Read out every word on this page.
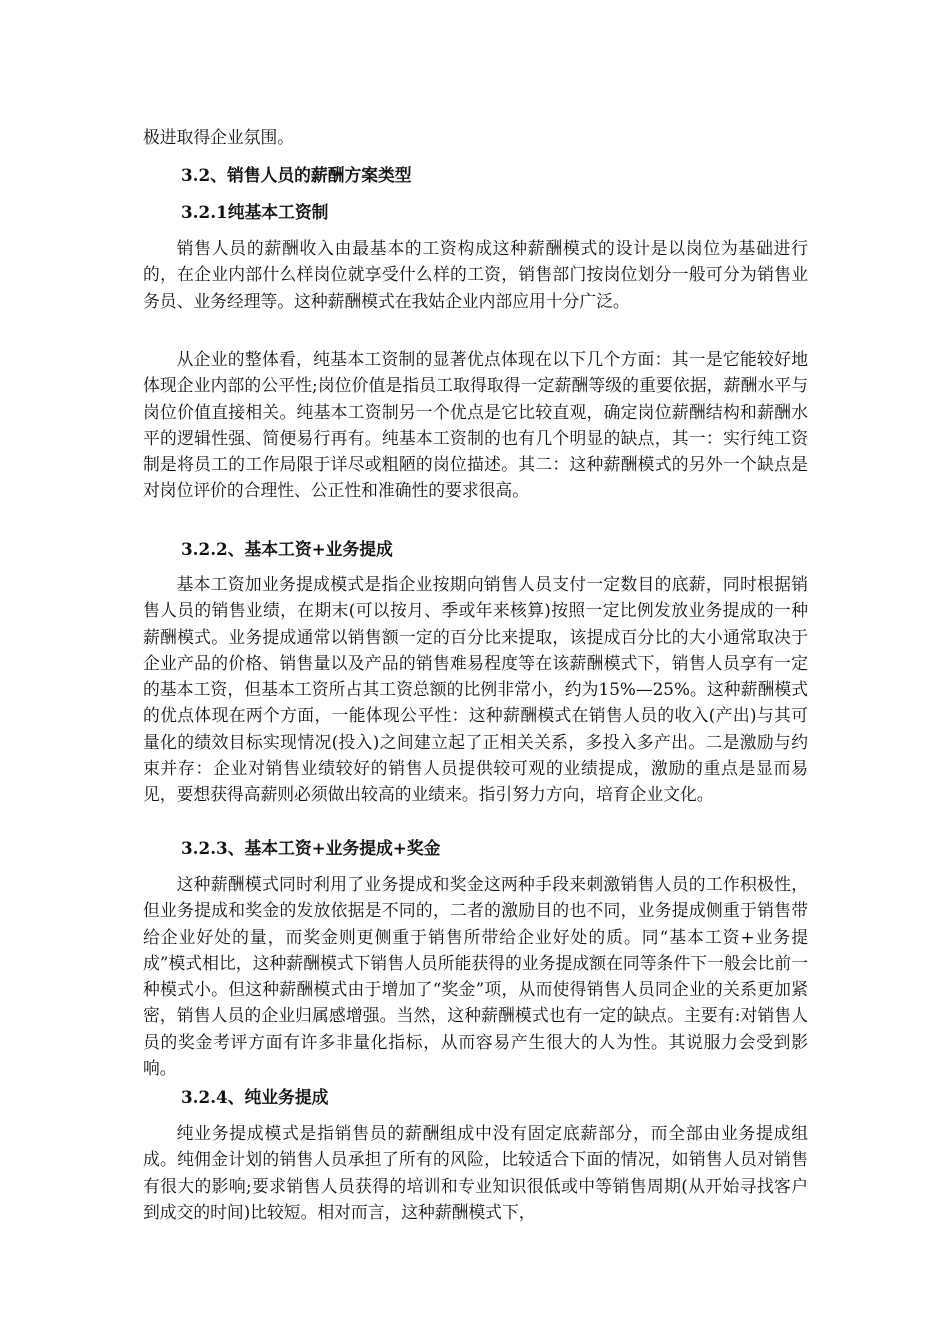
极进取得企业氛围。

3.2、销售人员的薪酬方案类型

3.2.1纯基本工资制

销售人员的薪酬收入由最基本的工资构成这种薪酬模式的设计是以岗位为基础进行的，在企业内部什么样岗位就享受什么样的工资，销售部门按岗位划分一般可分为销售业务员、业务经理等。这种薪酬模式在我姑企业内部应用十分广泛。

从企业的整体看，纯基本工资制的显著优点体现在以下几个方面：其一是它能较好地体现企业内部的公平性;岗位价值是指员工取得取得一定薪酬等级的重要依据，薪酬水平与岗位价值直接相关。纯基本工资制另一个优点是它比较直观，确定岗位薪酬结构和薪酬水平的逻辑性强、简便易行再有。纯基本工资制的也有几个明显的缺点，其一：实行纯工资制是将员工的工作局限于详尽或粗陋的岗位描述。其二：这种薪酬模式的另外一个缺点是对岗位评价的合理性、公正性和准确性的要求很高。

3.2.2、基本工资+业务提成

基本工资加业务提成模式是指企业按期向销售人员支付一定数目的底薪，同时根据销售人员的销售业绩，在期末(可以按月、季或年来核算)按照一定比例发放业务提成的一种薪酬模式。业务提成通常以销售额一定的百分比来提取，该提成百分比的大小通常取决于企业产品的价格、销售量以及产品的销售难易程度等在该薪酬模式下，销售人员享有一定的基本工资，但基本工资所占其工资总额的比例非常小，约为15%—25%。这种薪酬模式的优点体现在两个方面，一能体现公平性：这种薪酬模式在销售人员的收入(产出)与其可量化的绩效目标实现情况(投入)之间建立起了正相关关系，多投入多产出。二是激励与约束并存：企业对销售业绩较好的销售人员提供较可观的业绩提成，激励的重点是显而易见，要想获得高薪则必须做出较高的业绩来。指引努力方向，培育企业文化。

3.2.3、基本工资+业务提成+奖金

这种薪酬模式同时利用了业务提成和奖金这两种手段来刺激销售人员的工作积极性，但业务提成和奖金的发放依据是不同的，二者的激励目的也不同，业务提成侧重于销售带给企业好处的量，而奖金则更侧重于销售所带给企业好处的质。同“基本工资+业务提成”模式相比，这种薪酬模式下销售人员所能获得的业务提成额在同等条件下一般会比前一种模式小。但这种薪酬模式由于增加了“奖金”项，从而使得销售人员同企业的关系更加紧密，销售人员的企业归属感增强。当然，这种薪酬模式也有一定的缺点。主要有:对销售人员的奖金考评方面有许多非量化指标，从而容易产生很大的人为性。其说服力会受到影响。

3.2.4、纯业务提成

纯业务提成模式是指销售员的薪酬组成中没有固定底薪部分，而全部由业务提成组成。纯佣金计划的销售人员承担了所有的风险，比较适合下面的情况，如销售人员对销售有很大的影响;要求销售人员获得的培训和专业知识很低或中等销售周期(从开始寻找客户到成交的时间)比较短。相对而言，这种薪酬模式下，
